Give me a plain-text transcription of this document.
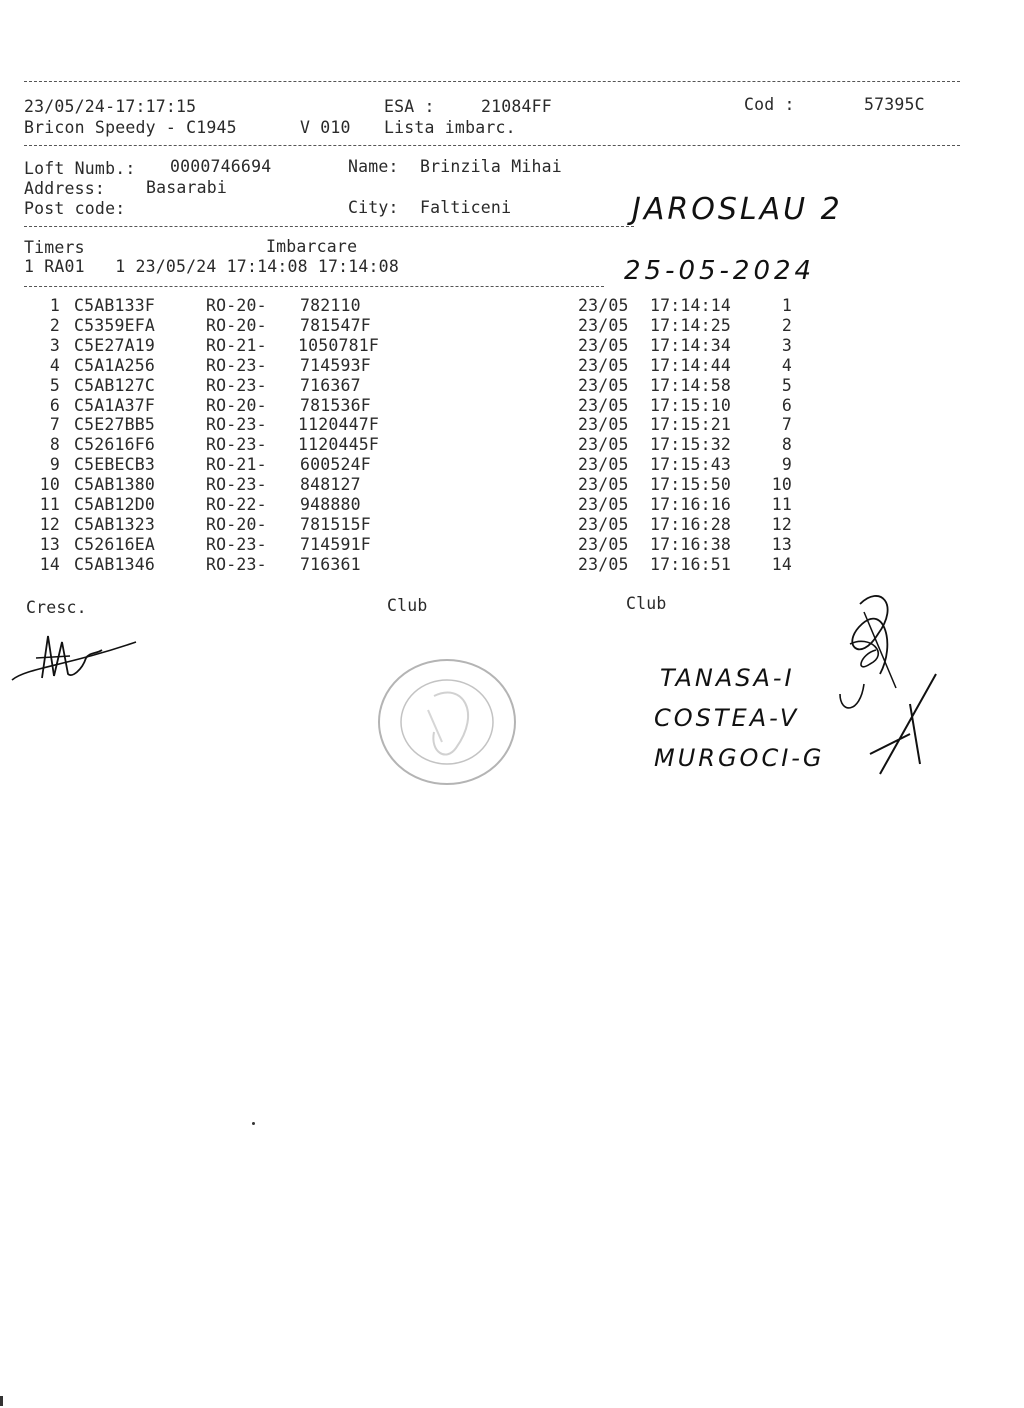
23/05/24-17:17:15	ESA :	21084FF	Cod :	57395C
Bricon Speedy - C1945	V 010 Lista imbarc.
Loft Numb.: 0000746694	Name: Brinzila Mihai
Address: Basarabi
Post code:	City: Falticeni	JAROSLAU 2
25-05-2024
Timers	Imbarcare
1 RA01   1 23/05/24 17:14:08 17:14:08
1 C5AB133F	RO-20- 782110	23/05 17:14:14	1
2 C5359EFA	RO-20- 781547F	23/05 17:14:25	2
3 C5E27A19	RO-21- 1050781F	23/05 17:14:34	3
4 C5A1A256	RO-23- 714593F	23/05 17:14:44	4
5 C5AB127C	RO-23- 716367	23/05 17:14:58	5
6 C5A1A37F	RO-20- 781536F	23/05 17:15:10	6
7 C5E27BB5	RO-23- 1120447F	23/05 17:15:21	7
8 C52616F6	RO-23- 1120445F	23/05 17:15:32	8
9 C5EBECB3	RO-21- 600524F	23/05 17:15:43	9
10 C5AB1380	RO-23- 848127	23/05 17:15:50	10
11 C5AB12D0	RO-22- 948880	23/05 17:16:16	11
12 C5AB1323	RO-20- 781515F	23/05 17:16:28	12
13 C52616EA	RO-23- 714591F	23/05 17:16:38	13
14 C5AB1346	RO-23- 716361	23/05 17:16:51	14
Cresc.	Club	Club
TANASA-I
COSTEA-V
MURGOCI-G
